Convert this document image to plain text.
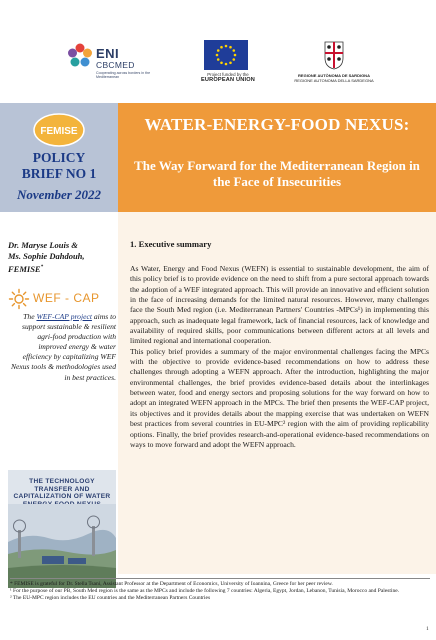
ENI
CBCMED
Cooperating across borders in the Mediterranean
Project funded by the
EUROPEAN UNION
REGIONE AUTÒNOMA DE SARDIGNA
REGIONE AUTONOMA DELLA SARDEGNA
FEMISE
POLICY
BRIEF NO 1
November 2022
WATER-ENERGY-FOOD NEXUS:
The Way Forward for the Mediterranean Region in the Face of Insecurities
Dr. Maryse Louis &
Ms. Sophie Dahdouh,
FEMISE*
WEF - CAP
The WEF-CAP project aims to support sustainable & resilient agri-food production with improved energy & water efficiency by capitalizing WEF Nexus tools & methodologies used in best practices.
THE TECHNOLOGY TRANSFER AND CAPITALIZATION OF WATER
1. Executive summary

As Water, Energy and Food Nexus (WEFN) is essential to sustainable development, the aim of this policy brief is to provide evidence on the need to shift from a pure sectoral approach towards the adoption of a WEF integrated approach. This will provide an innovative and efficient solution in the face of increasing demands for the limited natural resources. However, many challenges face the South Med region (i.e. Mediterranean Partners' Countries -MPCs¹) in implementing this approach, such as inadequate legal framework, lack of financial resources, lack of knowledge and availability of required skills, poor communications between different actors at all levels and limited regional and international cooperation.

This policy brief provides a summary of the major environmental challenges facing the MPCs with the objective to provide evidence-based recommendations on how to address these challenges through adopting a WEFN approach. After the introduction, highlighting the major environmental challenges, the brief provides evidence-based details about the interlinkages between water, food and energy sectors and proposing solutions for the way forward on how to adopt an integrated WEFN approach in the MPCs. The brief then presents the WEF-CAP project, its objectives and it provides details about the mapping exercise that was undertaken on WEFN best practices from several countries in EU-MPC² region with the aim of providing replicability options. Finally, the brief provides research-and-operational evidence-based recommendations on ways to move forward and adopt the WEFN approach.

* FEMISE is grateful for Dr. Stella Tsani, Assistant Professor at the Department of Economics, University of Ioannina, Greece for her peer review.
¹ For the purpose of our PB, South Med region is the same as the MPCs and include the following 7 countries: Algeria, Egypt, Jordan, Lebanon, Tunisia, Morocco and Palestine.
² The EU-MPC region includes the EU countries and the Mediterranean Partners Countries
1
